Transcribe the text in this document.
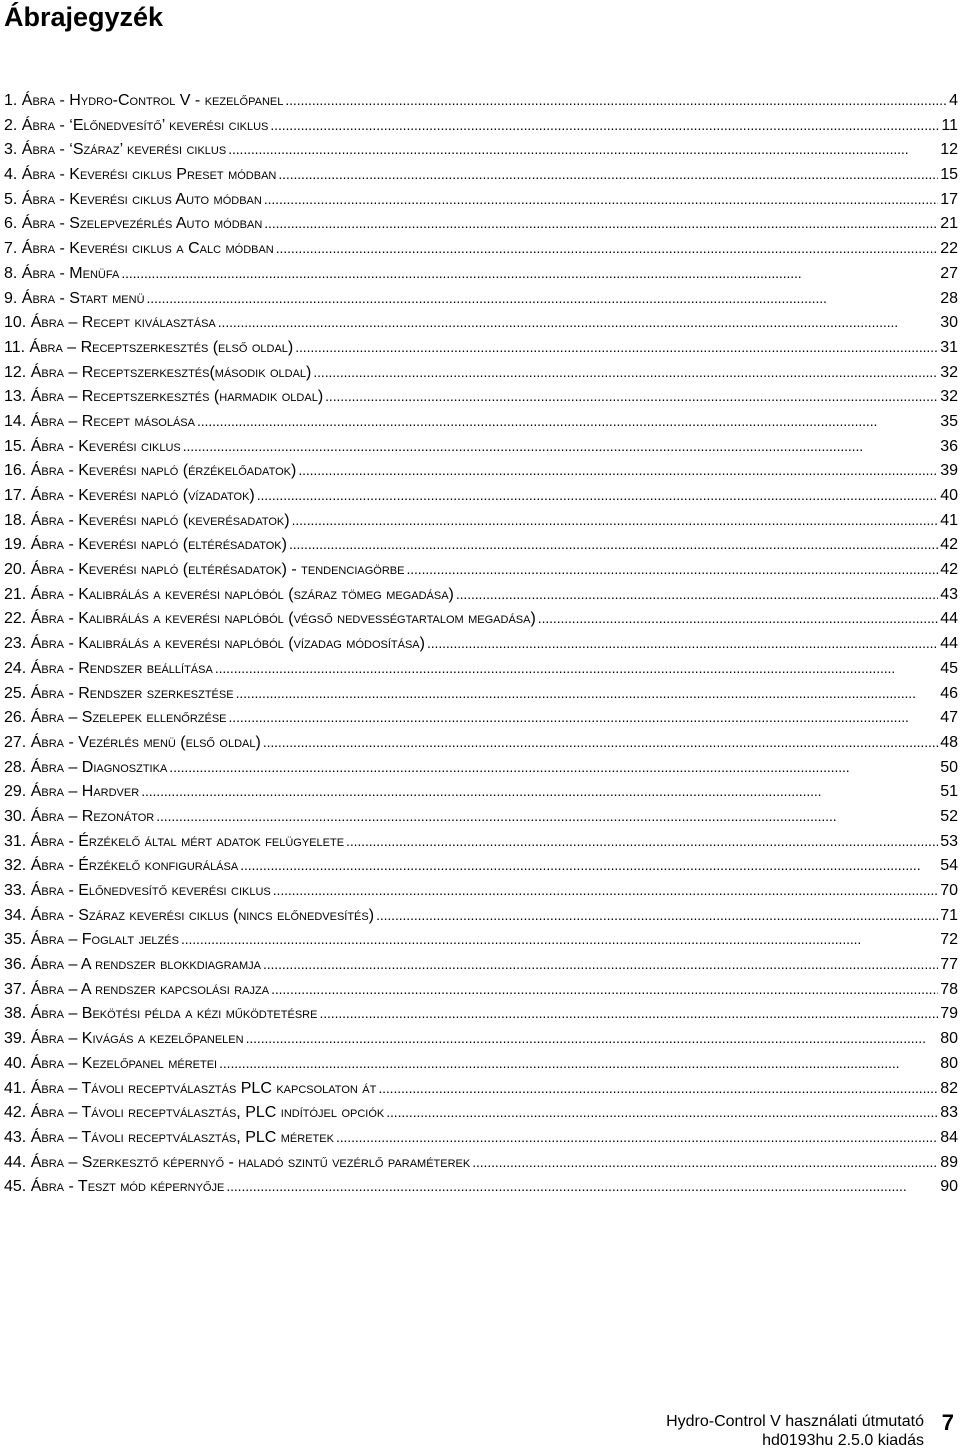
Ábrajegyzék
1. Ábra - Hydro-Control V - kezelőpanel . . .	4
2. Ábra - ‘Előnedvesítő’ keverési ciklus . . .	11
3. Ábra - ‘Száraz’ keverési ciklus . . .	12
4. Ábra - Keverési ciklus Preset módban . . .	15
5. Ábra - Keverési ciklus Auto módban . . .	17
6. Ábra - Szelepvezérlés Auto módban . . .	21
7. Ábra - Keverési ciklus a Calc módban . . .	22
8. Ábra - Menüfa . . .	27
9. Ábra - Start menü . . .	28
10. Ábra – Recept kiválasztása . . .	30
11. Ábra – Receptszerkesztés (első oldal) . . .	31
12. Ábra – Receptszerkesztés(második oldal) . . .	32
13. Ábra – Receptszerkesztés (harmadik oldal) . . .	32
14. Ábra – Recept másolása . . .	35
15. Ábra - Keverési ciklus . . .	36
16. Ábra - Keverési napló (érzékelőadatok) . . .	39
17. Ábra - Keverési napló (vízadatok) . . .	40
18. Ábra - Keverési napló (keverésadatok) . . .	41
19. Ábra - Keverési napló (eltérésadatok) . . .	42
20. Ábra - Keverési napló (eltérésadatok) - tendenciagörbe . . .	42
21. Ábra - Kalibrálás a keverési naplóból (száraz tömeg megadása) . . .	43
22. Ábra - Kalibrálás a keverési naplóból (végső nedvességtartalom megadása) . . .	44
23. Ábra - Kalibrálás a keverési naplóból (vízadag módosítása) . . .	44
24. Ábra - Rendszer beállítása . . .	45
25. Ábra - Rendszer szerkesztése . . .	46
26. Ábra – Szelepek ellenőrzése . . .	47
27. Ábra - Vezérlés menü (első oldal) . . .	48
28. Ábra – Diagnosztika . . .	50
29. Ábra – Hardver . . .	51
30. Ábra – Rezonátor . . .	52
31. Ábra - Érzékelő által mért adatok felügyelete . . .	53
32. Ábra - Érzékelő konfigurálása . . .	54
33. Ábra - Előnedvesítő keverési ciklus . . .	70
34. Ábra - Száraz keverési ciklus (nincs előnedvesítés) . . .	71
35. Ábra – Foglalt jelzés . . .	72
36. Ábra – A rendszer blokkdiagramja . . .	77
37. Ábra – A rendszer kapcsolási rajza . . .	78
38. Ábra – Bekötési példa a kézi működtetésre . . .	79
39. Ábra – Kivágás a kezelőpanelen . . .	80
40. Ábra – Kezelőpanel méretei . . .	80
41. Ábra – Távoli receptválasztás PLC kapcsolaton át . . .	82
42. Ábra – Távoli receptválasztás, PLC indítójel opciók . . .	83
43. Ábra – Távoli receptválasztás, PLC méretek . . .	84
44. Ábra – Szerkesztő képernyő - haladó szintű vezérlő paraméterek . . .	89
45. Ábra - Teszt mód képernyője . . .	90
Hydro-Control V használati útmutató
hd0193hu 2.5.0 kiadás
7
